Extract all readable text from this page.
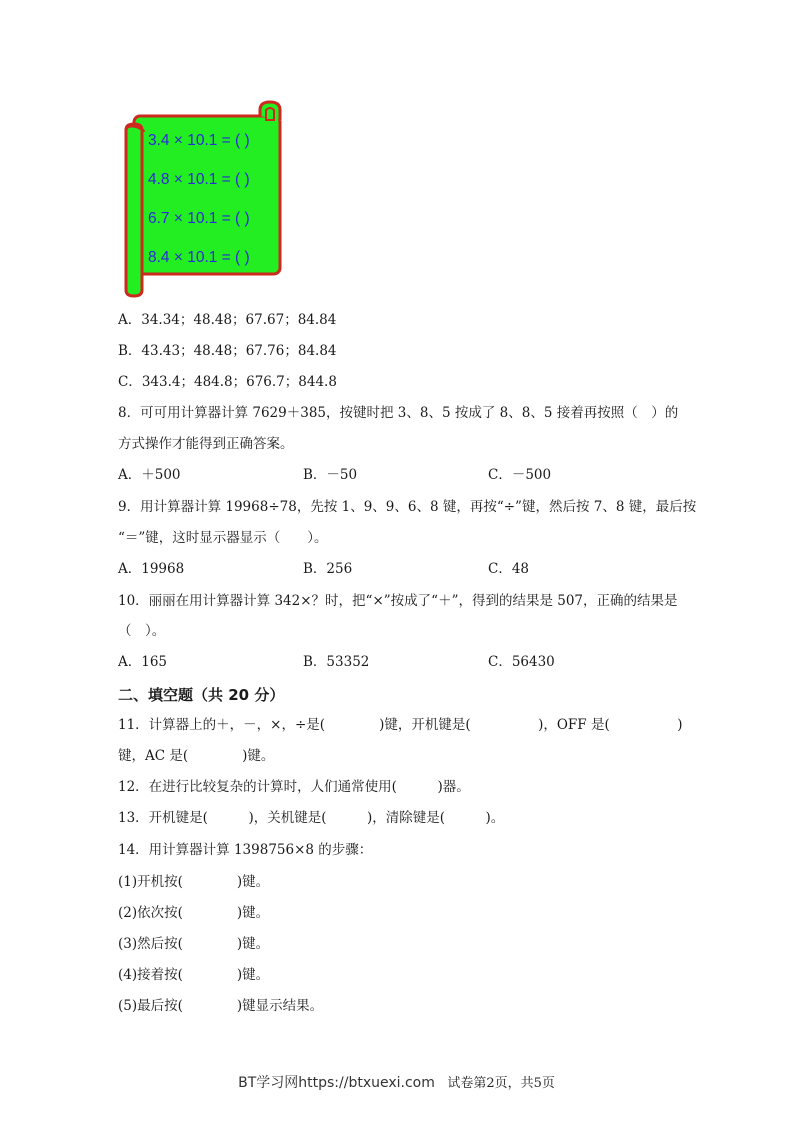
3.4 × 10.1 = ( )
4.8 × 10.1 = ( )
6.7 × 10.1 = ( )
8.4 × 10.1 = ( )
A．34.34；48.48；67.67；84.84
B．43.43；48.48；67.76；84.84
C．343.4；484.8；676.7；844.8
8．可可用计算器计算 7629＋385，按键时把 3、8、5 按成了 8、8、5 接着再按照（　）的
方式操作才能得到正确答案。
A．＋500	B．－50	C．－500
9．用计算器计算 19968÷78，先按 1、9、9、6、8 键，再按“÷”键，然后按 7、8 键，最后按
“＝”键，这时显示器显示（　　）。
A．19968	B．256	C．48
10．丽丽在用计算器计算 342×？时，把“×”按成了“＋”，得到的结果是 507，正确的结果是
（　）。
A．165	B．53352	C．56430
二、填空题（共 20 分）
11．计算器上的＋，－，×，÷是(　　　　)键，开机键是(　　　　　)，OFF 是(　　　　　)
键，AC 是(　　　　)键。
12．在进行比较复杂的计算时，人们通常使用(　　　)器。
13．开机键是(　　　)，关机键是(　　　)，清除键是(　　　)。
14．用计算器计算 1398756×8 的步骤：
(1)开机按(　　　　)键。
(2)依次按(　　　　)键。
(3)然后按(　　　　)键。
(4)接着按(　　　　)键。
(5)最后按(　　　　)键显示结果。
BT学习网https://btxuexi.com 试卷第2页，共5页
